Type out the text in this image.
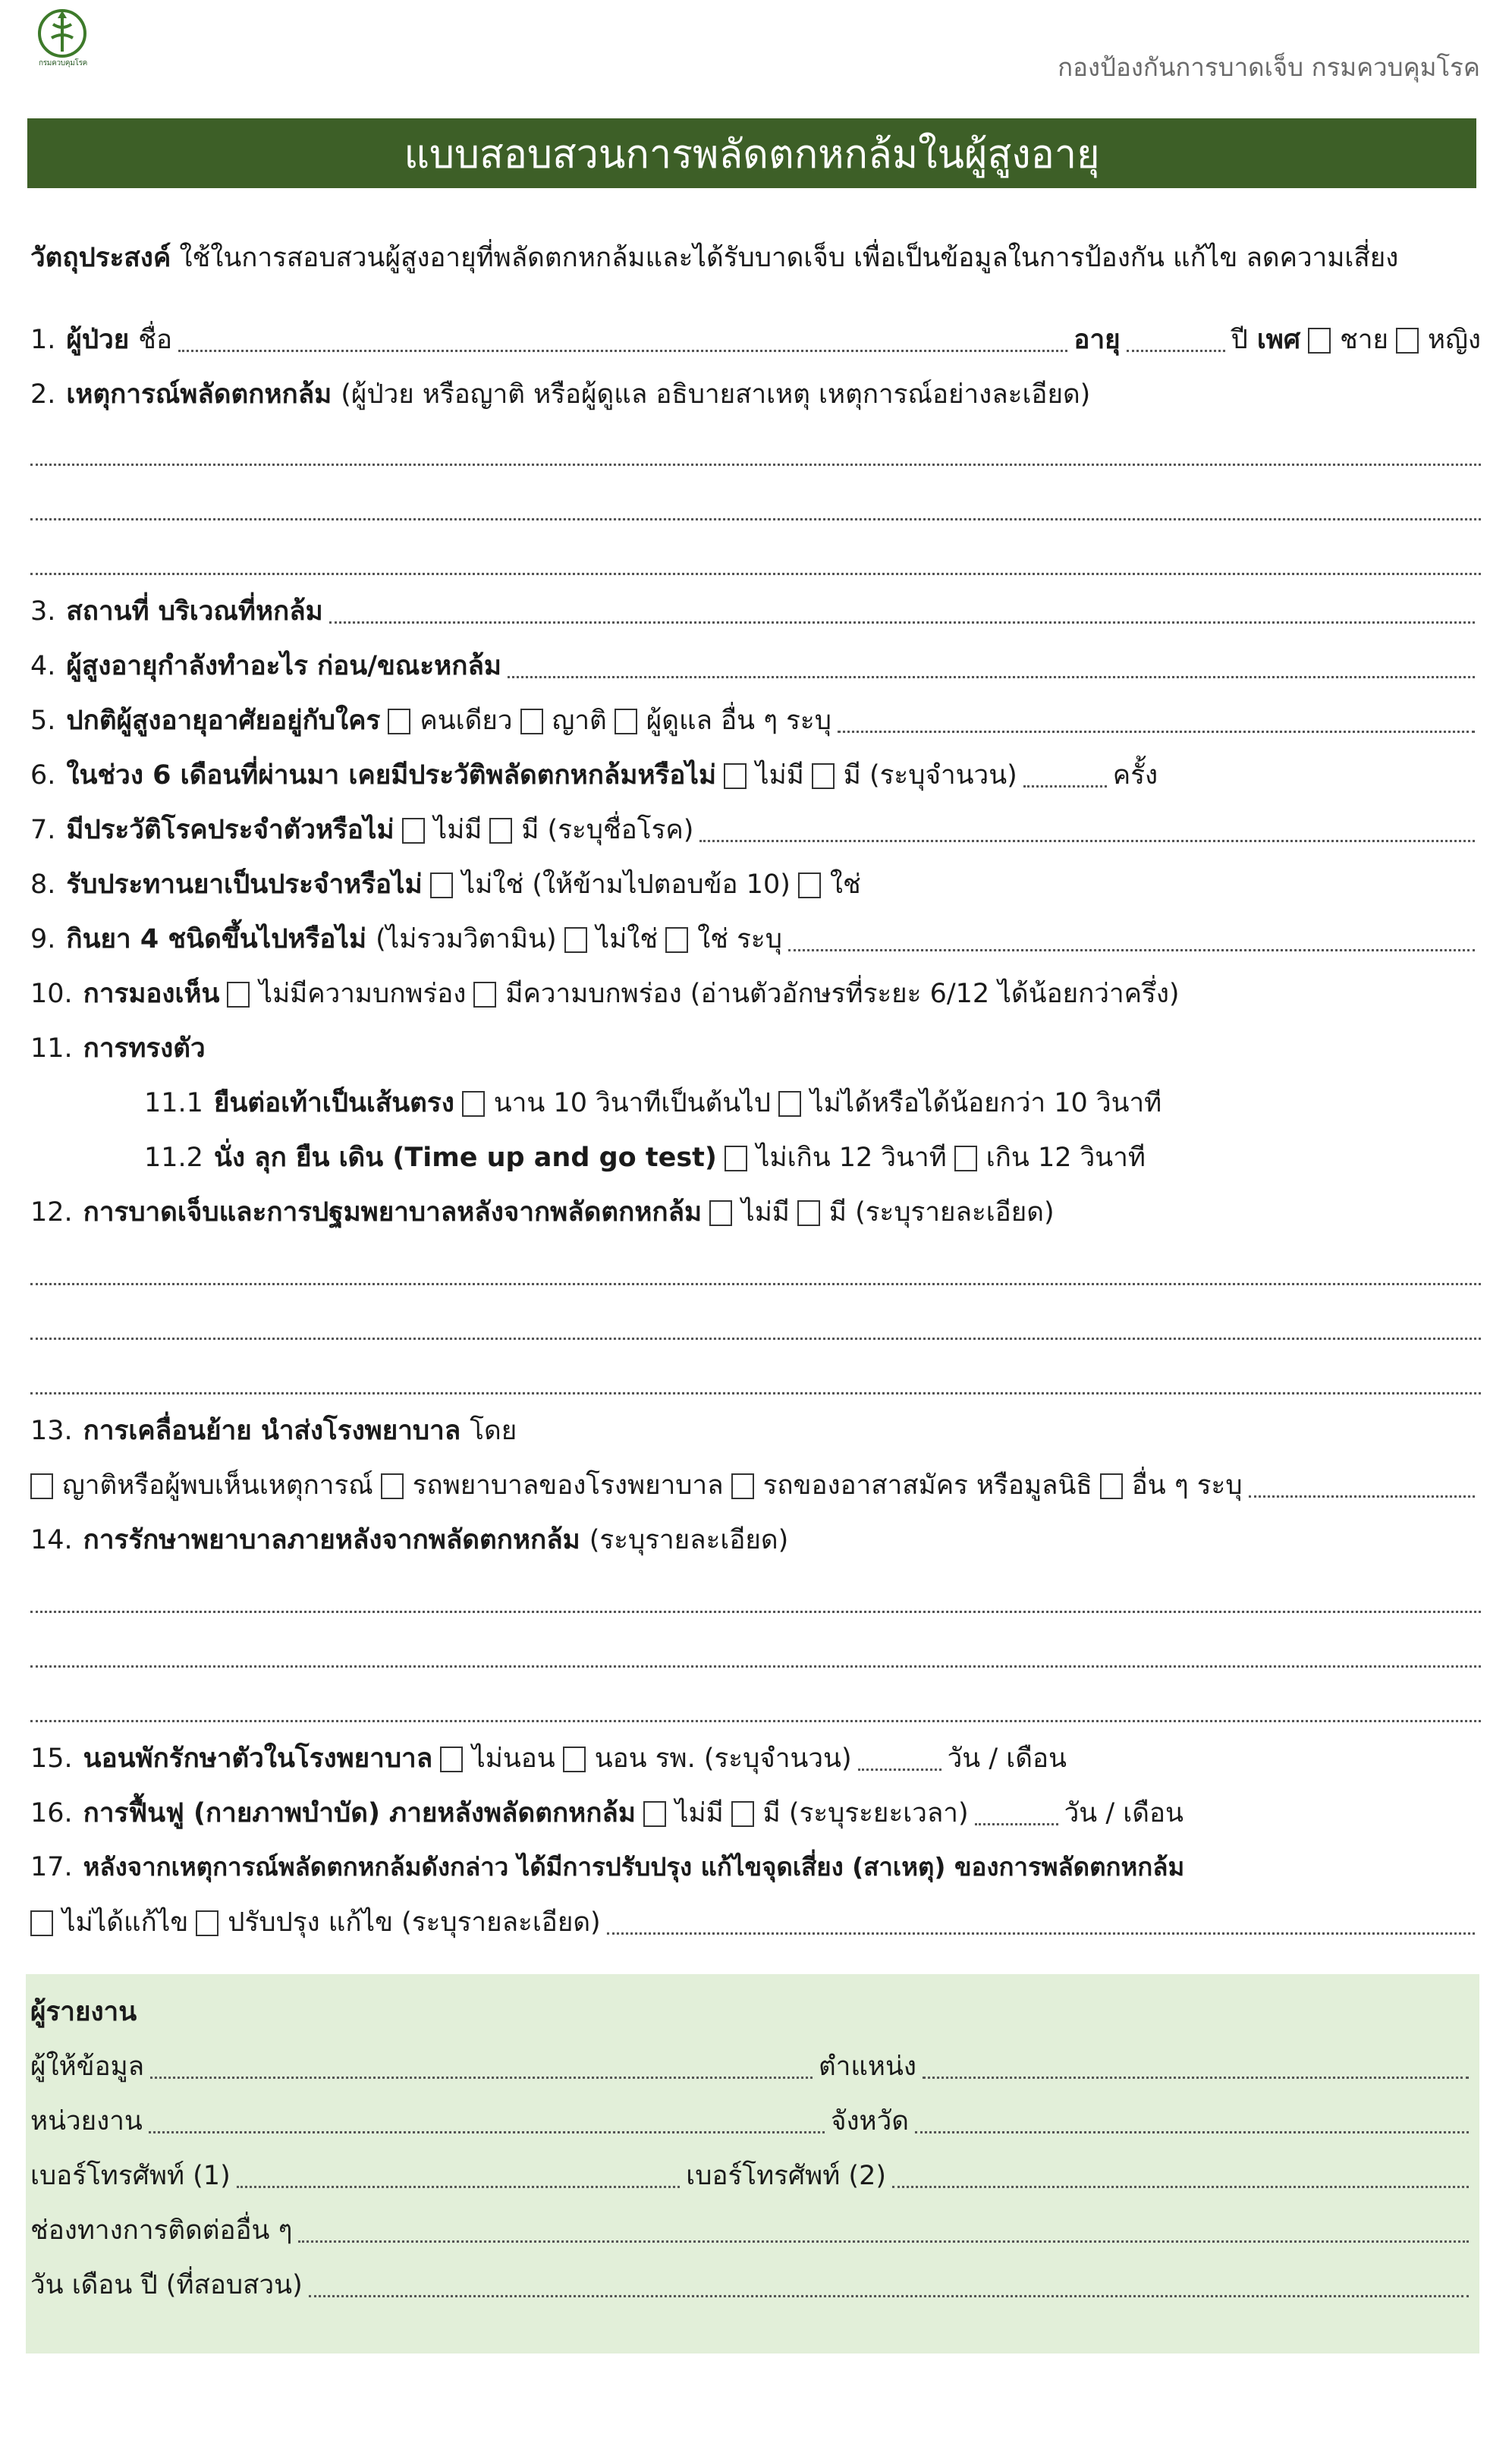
กรมควบคุมโรค	กองป้องกันการบาดเจ็บ กรมควบคุมโรค
แบบสอบสวนการพลัดตกหกล้มในผู้สูงอายุ
วัตถุประสงค์ ใช้ในการสอบสวนผู้สูงอายุที่พลัดตกหกล้มและได้รับบาดเจ็บ เพื่อเป็นข้อมูลในการป้องกัน แก้ไข ลดความเสี่ยง
1. ผู้ป่วย ชื่อ	อายุ	ปี เพศ ชาย หญิง
2. เหตุการณ์พลัดตกหกล้ม (ผู้ป่วย หรือญาติ หรือผู้ดูแล อธิบายสาเหตุ เหตุการณ์อย่างละเอียด)
3. สถานที่ บริเวณที่หกล้ม
4. ผู้สูงอายุกำลังทำอะไร ก่อน/ขณะหกล้ม
5. ปกติผู้สูงอายุอาศัยอยู่กับใคร คนเดียว ญาติ ผู้ดูแล อื่น ๆ ระบุ
6. ในช่วง 6 เดือนที่ผ่านมา เคยมีประวัติพลัดตกหกล้มหรือไม่ ไม่มี มี (ระบุจำนวน)	ครั้ง
7. มีประวัติโรคประจำตัวหรือไม่ ไม่มี มี (ระบุชื่อโรค)
8. รับประทานยาเป็นประจำหรือไม่ ไม่ใช่ (ให้ข้ามไปตอบข้อ 10) ใช่
9. กินยา 4 ชนิดขึ้นไปหรือไม่ (ไม่รวมวิตามิน) ไม่ใช่ ใช่ ระบุ
10. การมองเห็น ไม่มีความบกพร่อง มีความบกพร่อง (อ่านตัวอักษรที่ระยะ 6/12 ได้น้อยกว่าครึ่ง)
11. การทรงตัว
11.1 ยืนต่อเท้าเป็นเส้นตรง นาน 10 วินาทีเป็นต้นไป ไม่ได้หรือได้น้อยกว่า 10 วินาที
11.2 นั่ง ลุก ยืน เดิน (Time up and go test) ไม่เกิน 12 วินาที เกิน 12 วินาที
12. การบาดเจ็บและการปฐมพยาบาลหลังจากพลัดตกหกล้ม ไม่มี มี (ระบุรายละเอียด)
13. การเคลื่อนย้าย นำส่งโรงพยาบาล โดย
ญาติหรือผู้พบเห็นเหตุการณ์ รถพยาบาลของโรงพยาบาล รถของอาสาสมัคร หรือมูลนิธิ อื่น ๆ ระบุ
14. การรักษาพยาบาลภายหลังจากพลัดตกหกล้ม (ระบุรายละเอียด)
15. นอนพักรักษาตัวในโรงพยาบาล ไม่นอน นอน รพ. (ระบุจำนวน)	วัน / เดือน
16. การฟื้นฟู (กายภาพบำบัด) ภายหลังพลัดตกหกล้ม ไม่มี มี (ระบุระยะเวลา)	วัน / เดือน
17. หลังจากเหตุการณ์พลัดตกหกล้มดังกล่าว ได้มีการปรับปรุง แก้ไขจุดเสี่ยง (สาเหตุ) ของการพลัดตกหกล้ม
ไม่ได้แก้ไข ปรับปรุง แก้ไข (ระบุรายละเอียด)
ผู้รายงาน
ผู้ให้ข้อมูล	ตำแหน่ง
หน่วยงาน	จังหวัด
เบอร์โทรศัพท์ (1)	เบอร์โทรศัพท์ (2)
ช่องทางการติดต่ออื่น ๆ
วัน เดือน ปี (ที่สอบสวน)
